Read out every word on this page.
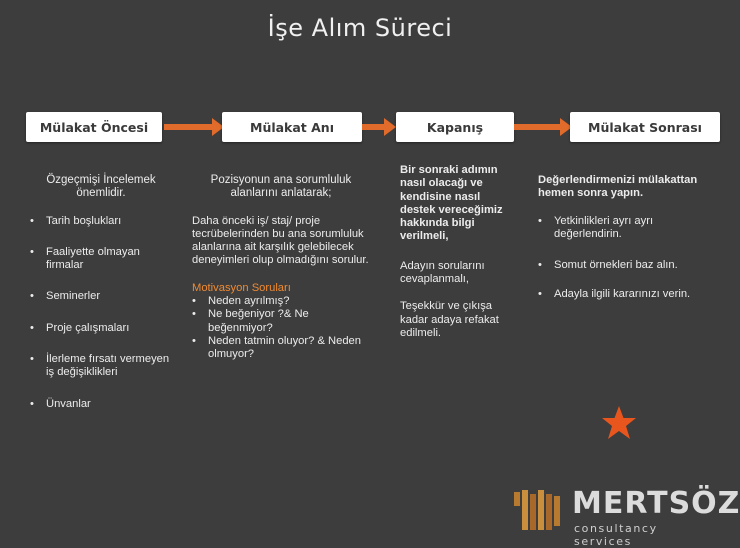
İşe Alım Süreci
Mülakat Öncesi	Mülakat Anı	Kapanış	Mülakat Sonrası
Özgeçmişi İncelemek önemlidir.
• Tarih boşlukları
• Faaliyette olmayan firmalar
• Seminerler
• Proje çalışmaları
• İlerleme fırsatı vermeyen iş değişiklikleri
• Ünvanlar
Pozisyonun ana sorumluluk alanlarını anlatarak;
Daha önceki iş/ staj/ proje tecrübelerinden bu ana sorumluluk alanlarına ait karşılık gelebilecek deneyimleri olup olmadığını sorulur.
Motivasyon Soruları
• Neden ayrılmış?
• Ne beğeniyor ?& Ne beğenmiyor?
• Neden tatmin oluyor? & Neden olmuyor?
Bir sonraki adımın nasıl olacağı ve kendisine nasıl destek vereceğimiz hakkında bilgi verilmeli,
Adayın sorularını cevaplanmalı,
Teşekkür ve çıkışa kadar adaya refakat edilmeli.
Değerlendirmenizi mülakattan hemen sonra yapın.
• Yetkinlikleri ayrı ayrı değerlendirin.
• Somut örnekleri baz alın.
• Adayla ilgili kararınızı verin.
MERTSÖZ
consultancy services
